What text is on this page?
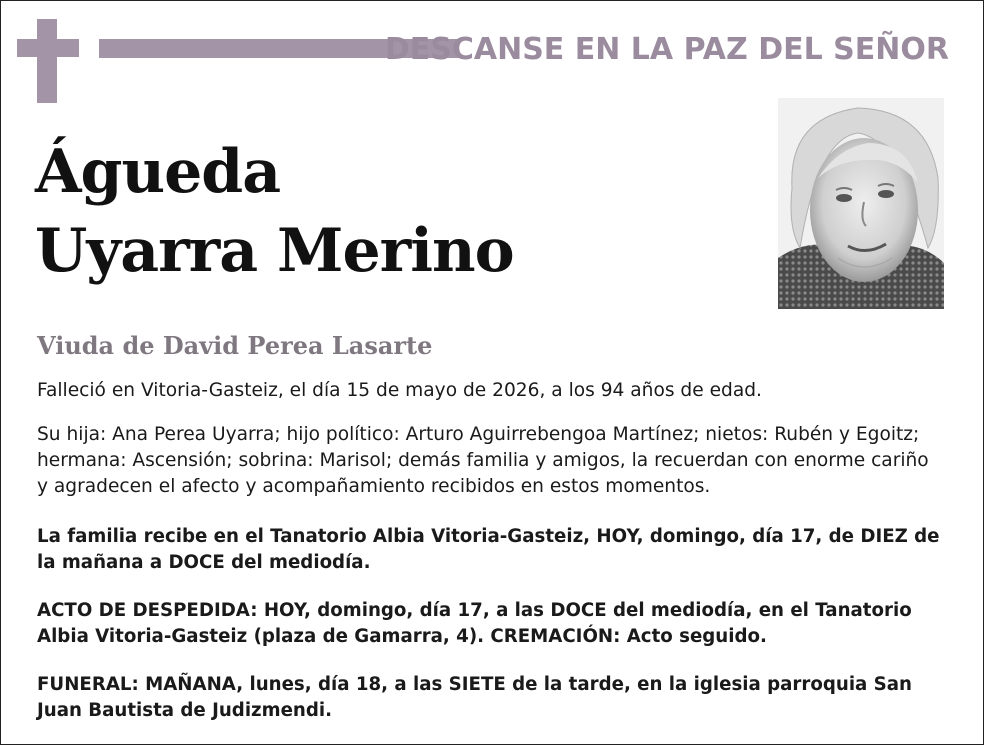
DESCANSE EN LA PAZ DEL SEÑOR
Águeda
Uyarra Merino
Viuda de David Perea Lasarte
Falleció en Vitoria-Gasteiz, el día 15 de mayo de 2026, a los 94 años de edad.
Su hija: Ana Perea Uyarra; hijo político: Arturo Aguirrebengoa Martínez; nietos: Rubén y Egoitz; hermana: Ascensión; sobrina: Marisol; demás familia y amigos, la recuerdan con enorme cariño y agradecen el afecto y acompañamiento recibidos en estos momentos.
La familia recibe en el Tanatorio Albia Vitoria-Gasteiz, HOY, domingo, día 17, de DIEZ de la mañana a DOCE del mediodía.
ACTO DE DESPEDIDA: HOY, domingo, día 17, a las DOCE del mediodía, en el Tanatorio Albia Vitoria-Gasteiz (plaza de Gamarra, 4). CREMACIÓN: Acto seguido.
FUNERAL: MAÑANA, lunes, día 18, a las SIETE de la tarde, en la iglesia parroquia San Juan Bautista de Judizmendi.
